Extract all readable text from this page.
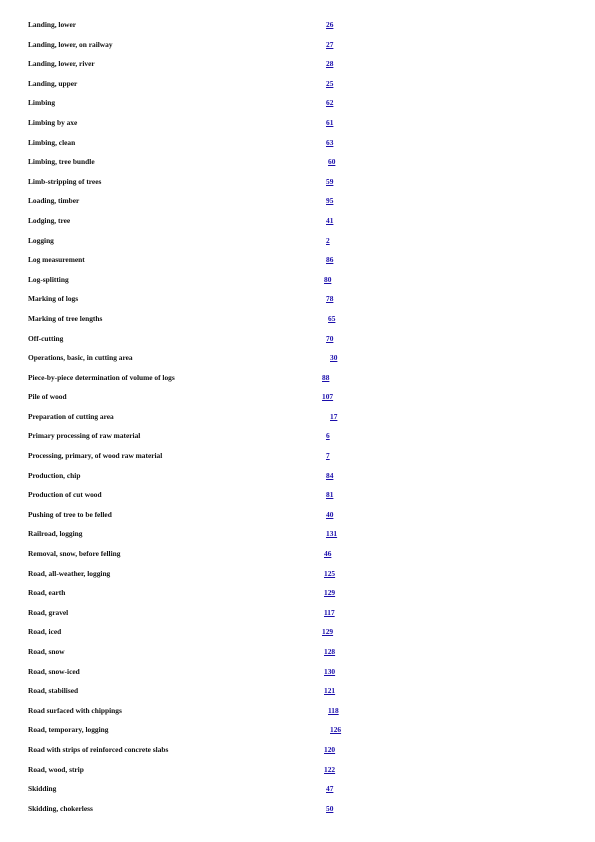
Landing, lower	26
Landing, lower, on railway	27
Landing, lower, river	28
Landing, upper	25
Limbing	62
Limbing by axe	61
Limbing, clean	63
Limbing, tree bundle	60
Limb-stripping of trees	59
Loading, timber	95
Lodging, tree	41
Logging	2
Log measurement	86
Log-splitting	80
Marking of logs	78
Marking of tree lengths	65
Off-cutting	70
Operations, basic, in cutting area	30
Piece-by-piece determination of volume of logs	88
Pile of wood	107
Preparation of cutting area	17
Primary processing of raw material	6
Processing, primary, of wood raw material	7
Production, chip	84
Production of cut wood	81
Pushing of tree to be felled	40
Railroad, logging	131
Removal, snow, before felling	46
Road, all-weather, logging	125
Road, earth	129
Road, gravel	117
Road, iced	129
Road, snow	128
Road, snow-iced	130
Road, stabilised	121
Road surfaced with chippings	118
Road, temporary, logging	126
Road with strips of reinforced concrete slabs	120
Road, wood, strip	122
Skidding	47
Skidding, chokerless	50
